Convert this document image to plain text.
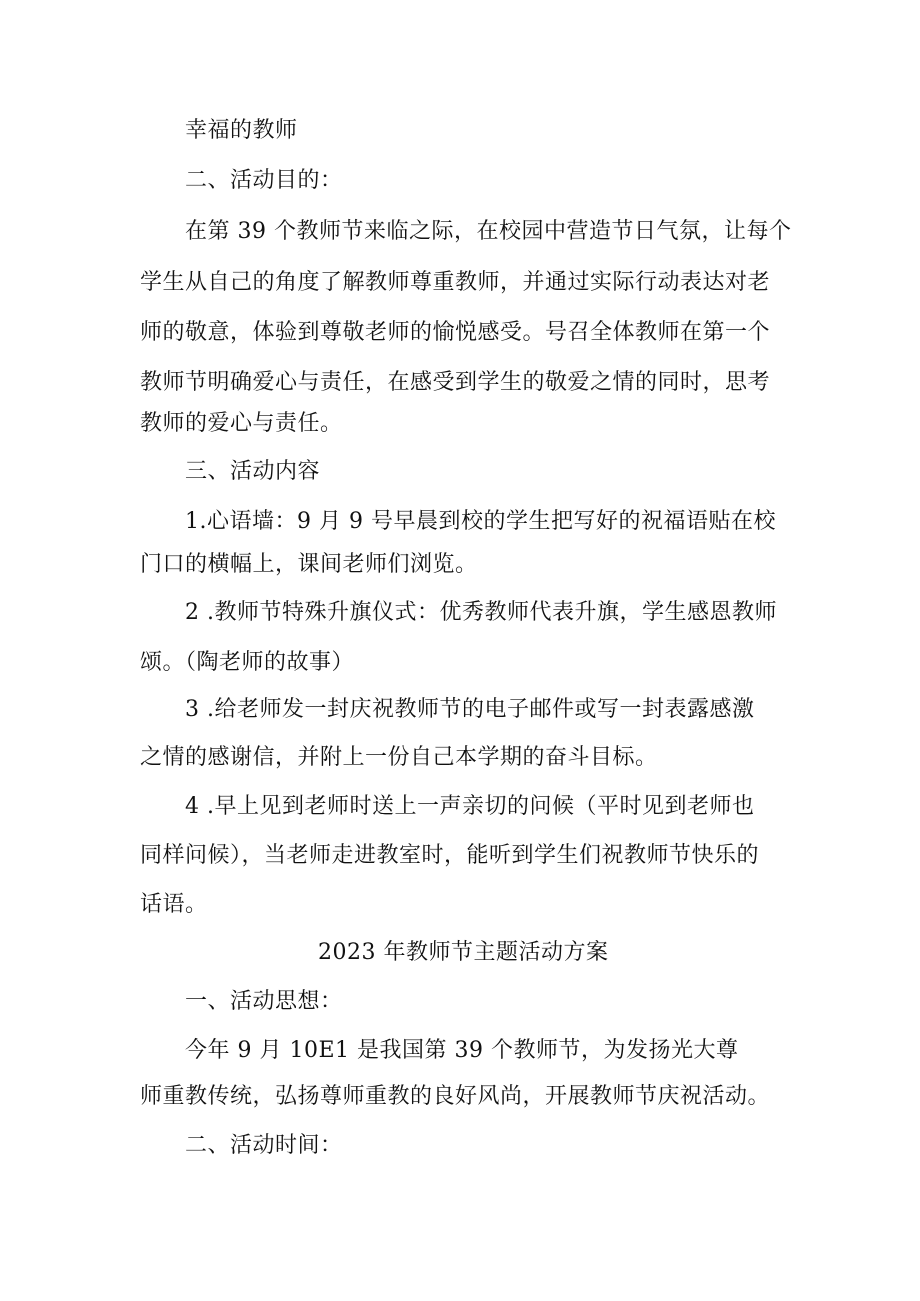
幸福的教师
二、活动目的：
在第 39 个教师节来临之际，在校园中营造节日气氛，让每个
学生从自己的角度了解教师尊重教师，并通过实际行动表达对老
师的敬意，体验到尊敬老师的愉悦感受。号召全体教师在第一个
教师节明确爱心与责任，在感受到学生的敬爱之情的同时，思考
教师的爱心与责任。
三、活动内容
1.心语墙：9 月 9 号早晨到校的学生把写好的祝福语贴在校
门口的横幅上，课间老师们浏览。
2 .教师节特殊升旗仪式：优秀教师代表升旗，学生感恩教师
颂。（陶老师的故事）
3 .给老师发一封庆祝教师节的电子邮件或写一封表露感激
之情的感谢信，并附上一份自己本学期的奋斗目标。
4 .早上见到老师时送上一声亲切的问候（平时见到老师也
同样问候），当老师走进教室时，能听到学生们祝教师节快乐的
话语。
2023 年教师节主题活动方案
一、活动思想：
今年 9 月 10E1 是我国第 39 个教师节，为发扬光大尊
师重教传统，弘扬尊师重教的良好风尚，开展教师节庆祝活动。
二、活动时间：
